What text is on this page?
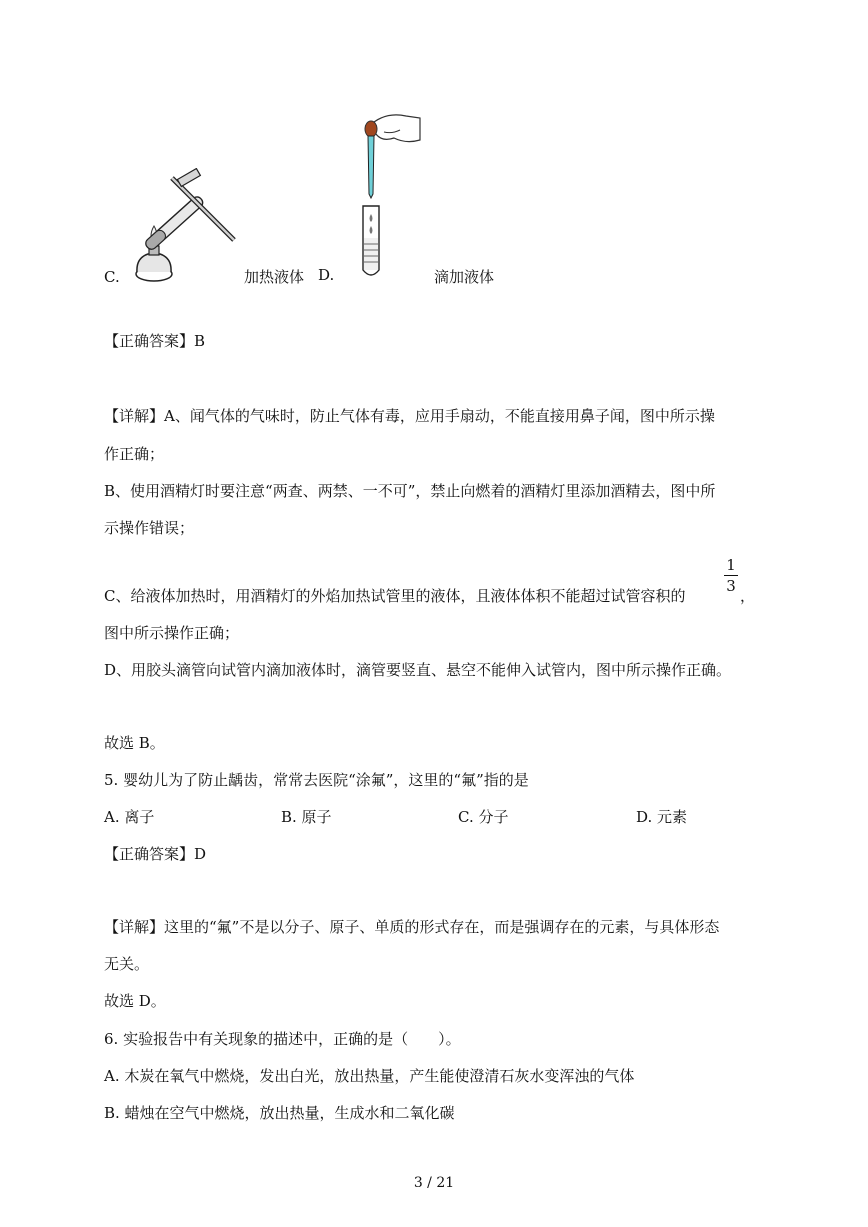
C.	加热液体 D.	滴加液体
【正确答案】B
【详解】A、闻气体的气味时，防止气体有毒，应用手扇动，不能直接用鼻子闻，图中所示操
作正确；
B、使用酒精灯时要注意“两查、两禁、一不可”，禁止向燃着的酒精灯里添加酒精去，图中所
示操作错误；
C、给液体加热时，用酒精灯的外焰加热试管里的液体，且液体体积不能超过试管容积的
1
3
，
图中所示操作正确；
D、用胶头滴管向试管内滴加液体时，滴管要竖直、悬空不能伸入试管内，图中所示操作正确。
故选 B。
5. 婴幼儿为了防止龋齿，常常去医院“涂氟”，这里的“氟”指的是
A. 离子	B. 原子	C. 分子	D. 元素
【正确答案】D
【详解】这里的“氟”不是以分子、原子、单质的形式存在，而是强调存在的元素，与具体形态
无关。
故选 D。
6. 实验报告中有关现象的描述中，正确的是（　　）。
A. 木炭在氧气中燃烧，发出白光，放出热量，产生能使澄清石灰水变浑浊的气体
B. 蜡烛在空气中燃烧，放出热量，生成水和二氧化碳
3 / 21
